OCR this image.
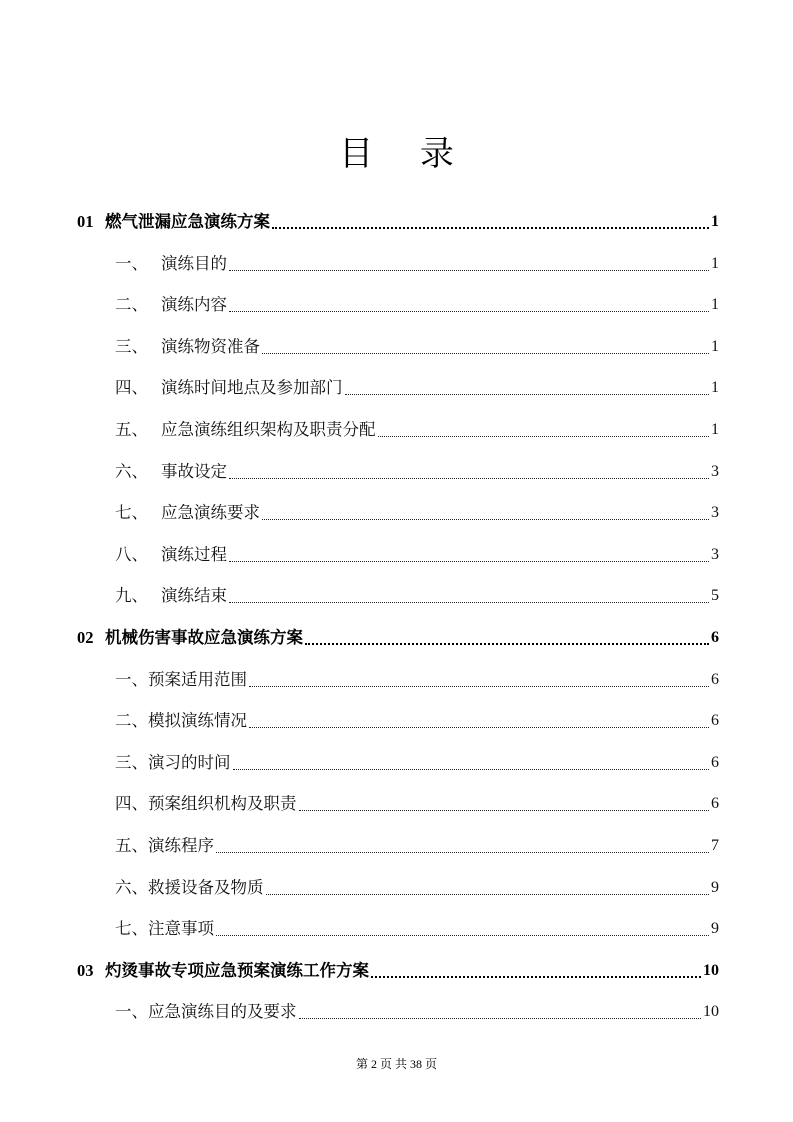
目 录
01 燃气泄漏应急演练方案	1
一、 演练目的	1
二、 演练内容	1
三、 演练物资准备	1
四、 演练时间地点及参加部门	1
五、 应急演练组织架构及职责分配	1
六、 事故设定	3
七、 应急演练要求	3
八、 演练过程	3
九、 演练结束	5
02 机械伤害事故应急演练方案	6
一、 预案适用范围	6
二、 模拟演练情况	6
三、 演习的时间	6
四、 预案组织机构及职责	6
五、 演练程序	7
六、 救援设备及物质	9
七、 注意事项	9
03 灼烫事故专项应急预案演练工作方案	10
一、 应急演练目的及要求	10
第 2 页 共 38 页
